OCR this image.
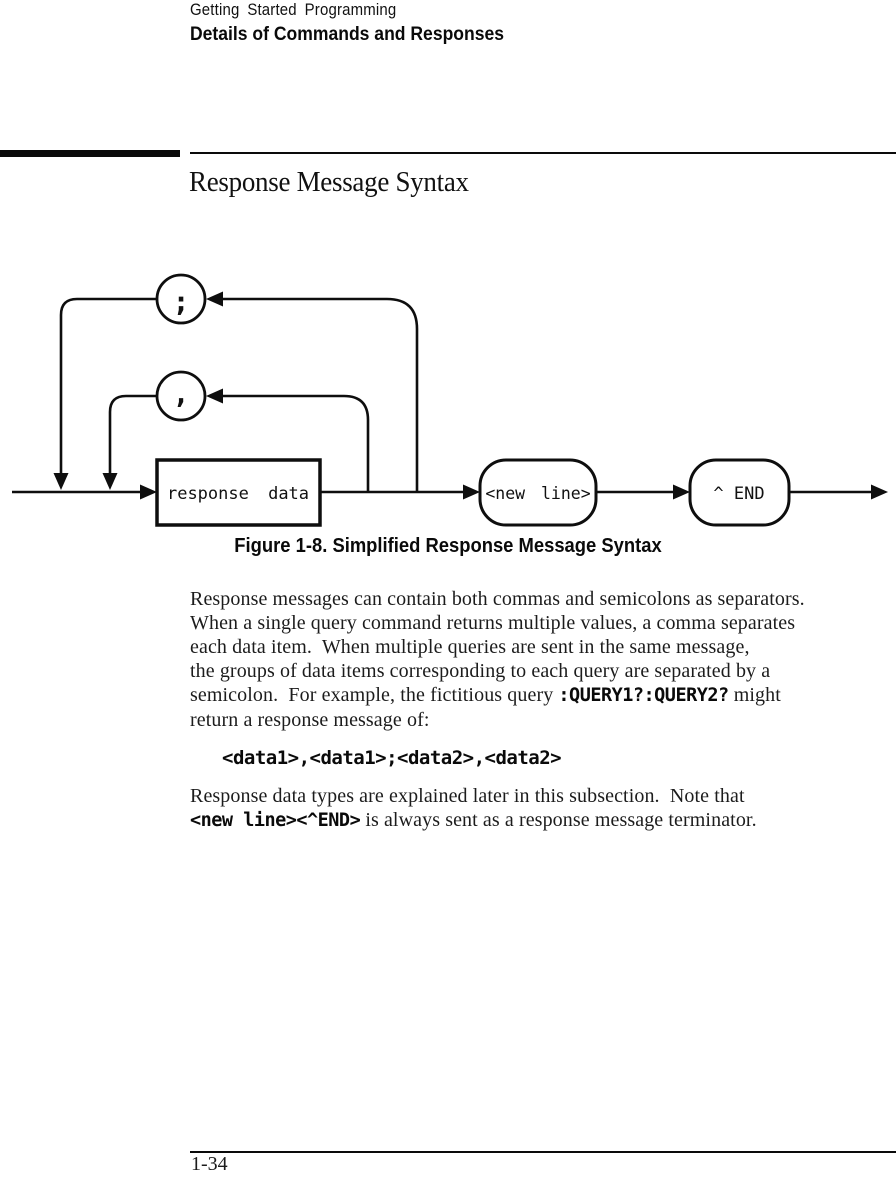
Getting Started Programming
Details of Commands and Responses
Response Message Syntax
;
,
response data	<new line>	^ END
Figure 1-8. Simplified Response Message Syntax
Response messages can contain both commas and semicolons as separators.
When a single query command returns multiple values, a comma separates
each data item.  When multiple queries are sent in the same message,
the groups of data items corresponding to each query are separated by a
semicolon.  For example, the fictitious query :QUERY1?:QUERY2? might
return a response message of:
<data1>,<data1>;<data2>,<data2>
Response data types are explained later in this subsection.  Note that
<new line><^END> is always sent as a response message terminator.
1-34
